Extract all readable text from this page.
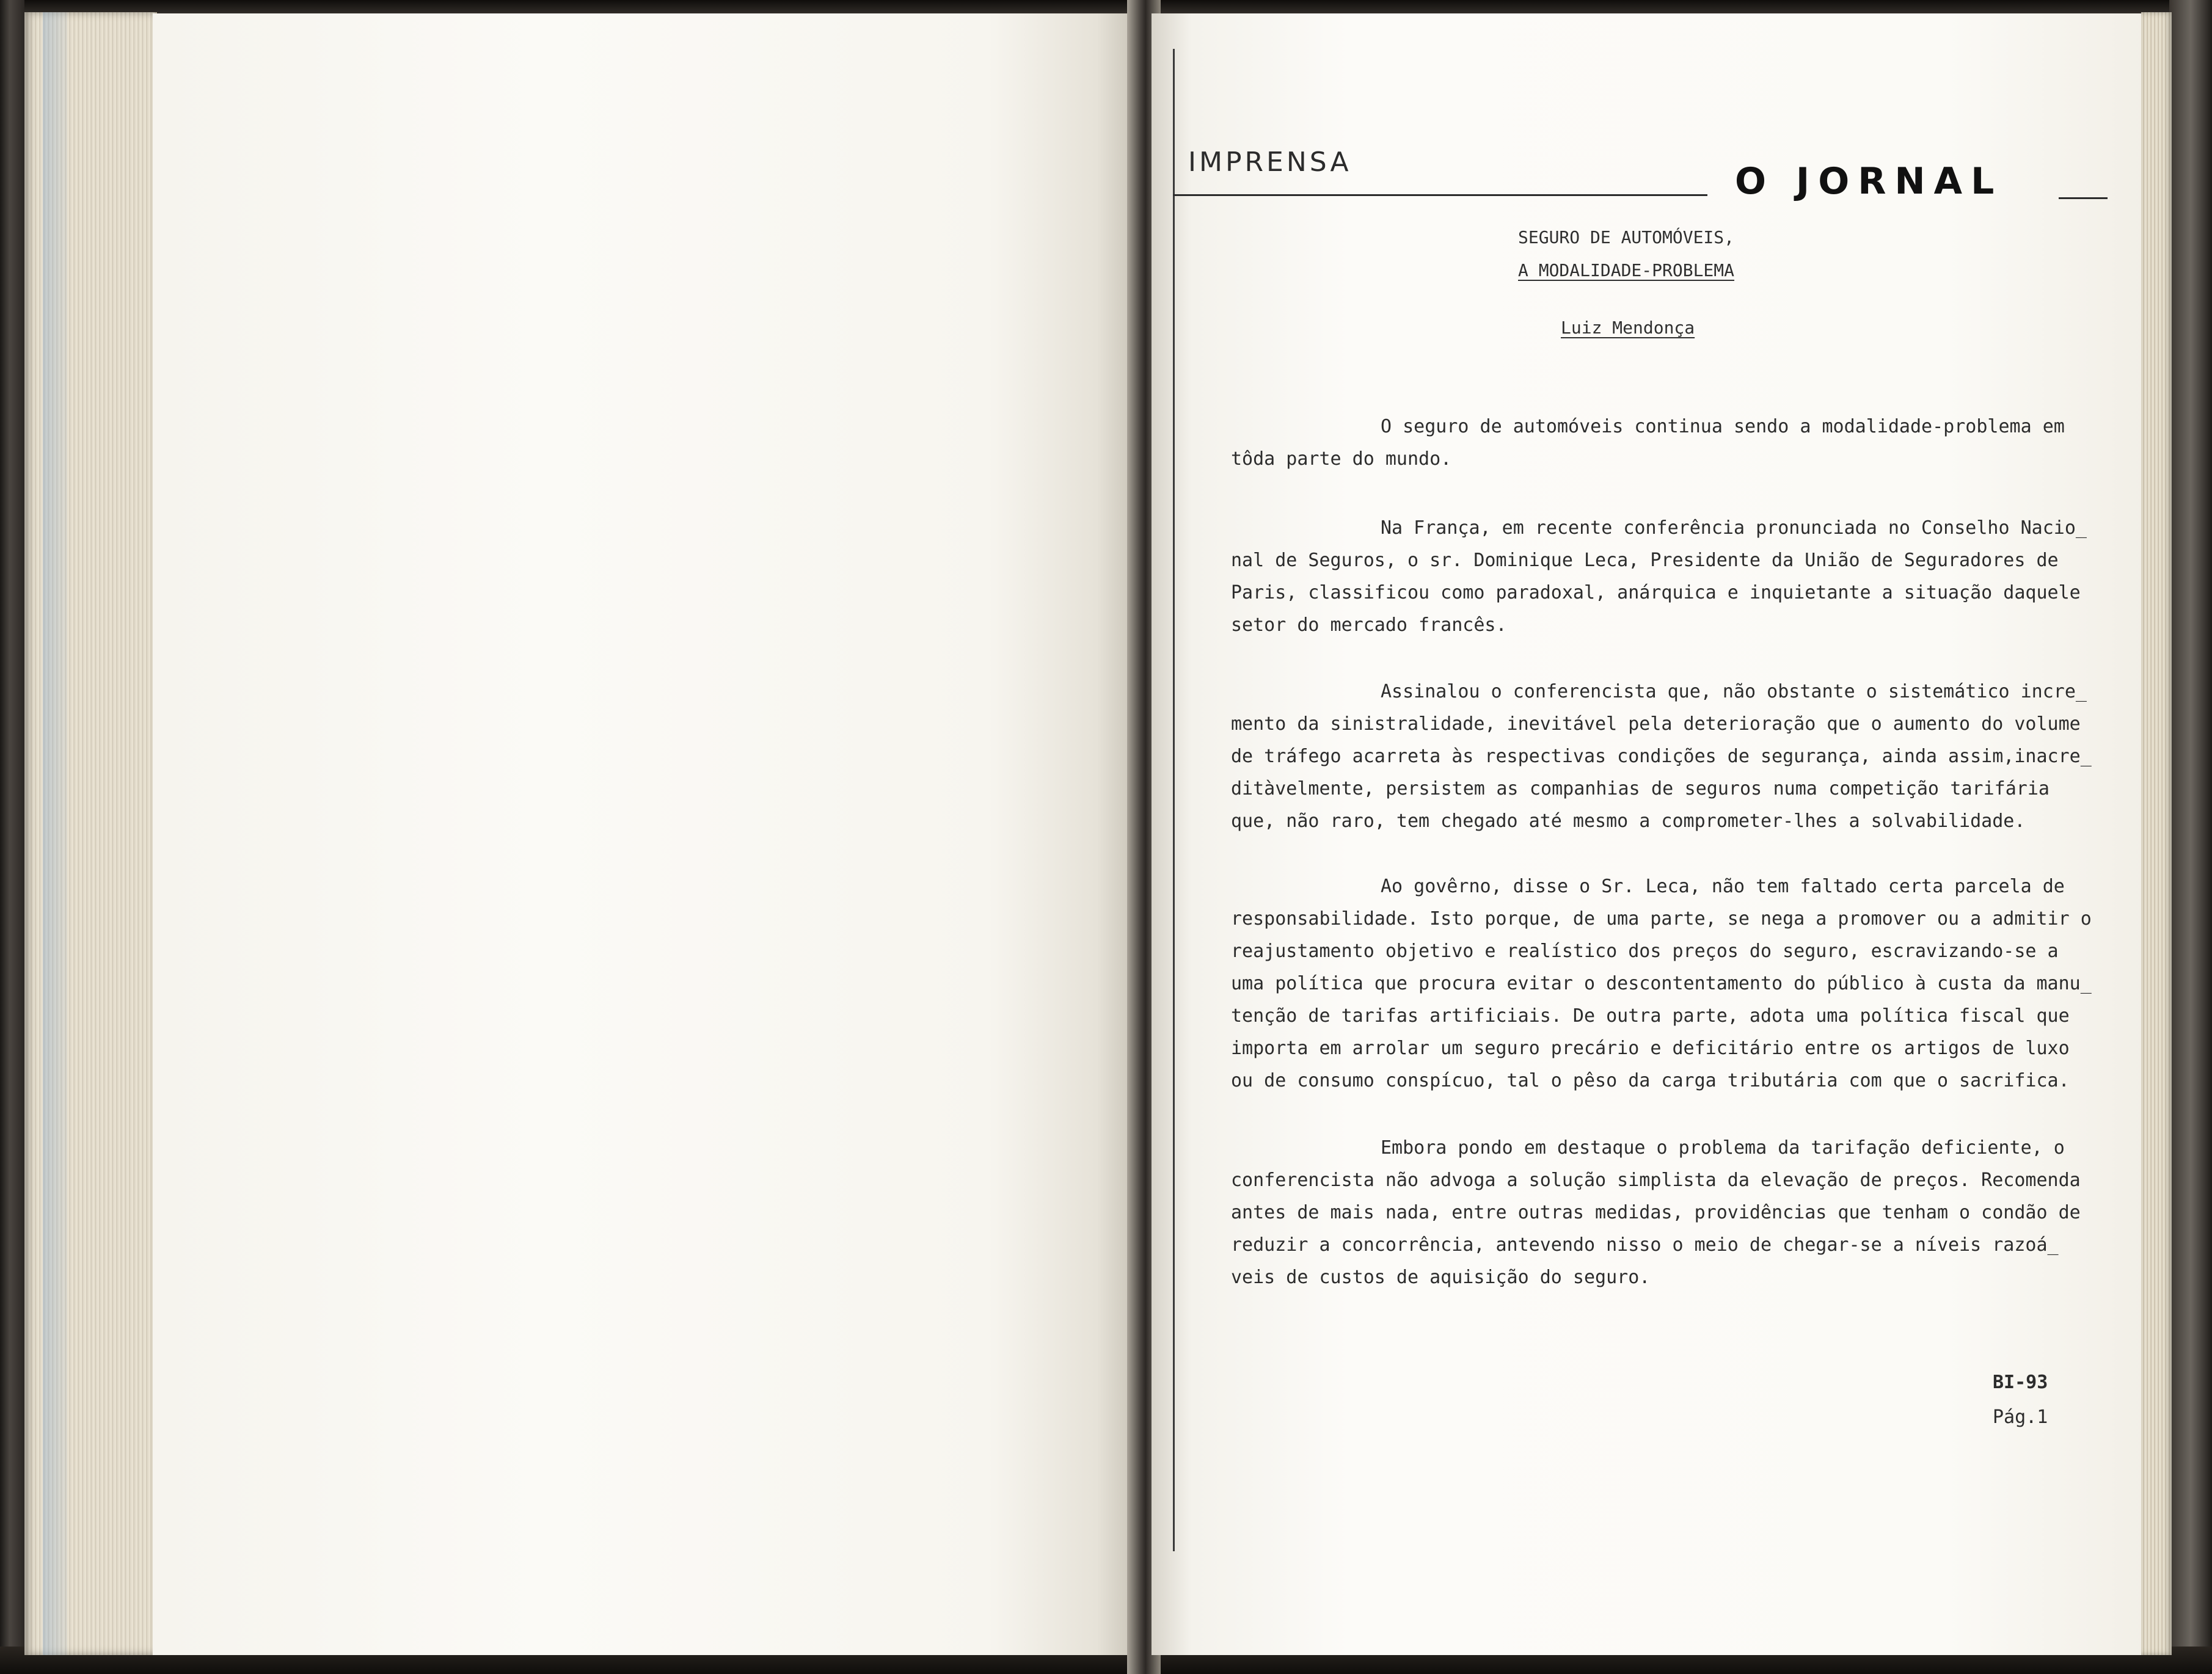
IMPRENSA	O JORNAL
SEGURO DE AUTOMÓVEIS,
A MODALIDADE-PROBLEMA
Luiz Mendonça
O seguro de automóveis continua sendo a modalidade-problema em
tôda parte do mundo.
Na França, em recente conferência pronunciada no Conselho Nacio_
nal de Seguros, o sr. Dominique Leca, Presidente da União de Seguradores de
Paris, classificou como paradoxal, anárquica e inquietante a situação daquele
setor do mercado francês.
Assinalou o conferencista que, não obstante o sistemático incre_
mento da sinistralidade, inevitável pela deterioração que o aumento do volume
de tráfego acarreta às respectivas condições de segurança, ainda assim,inacre_
ditàvelmente, persistem as companhias de seguros numa competição tarifária
que, não raro, tem chegado até mesmo a comprometer-lhes a solvabilidade.
Ao govêrno, disse o Sr. Leca, não tem faltado certa parcela de
responsabilidade. Isto porque, de uma parte, se nega a promover ou a admitir o
reajustamento objetivo e realístico dos preços do seguro, escravizando-se a
uma política que procura evitar o descontentamento do público à custa da manu_
tenção de tarifas artificiais. De outra parte, adota uma política fiscal que
importa em arrolar um seguro precário e deficitário entre os artigos de luxo
ou de consumo conspícuo, tal o pêso da carga tributária com que o sacrifica.
Embora pondo em destaque o problema da tarifação deficiente, o
conferencista não advoga a solução simplista da elevação de preços. Recomenda
antes de mais nada, entre outras medidas, providências que tenham o condão de
reduzir a concorrência, antevendo nisso o meio de chegar-se a níveis razoá_
veis de custos de aquisição do seguro.
BI-93
Pág.1
